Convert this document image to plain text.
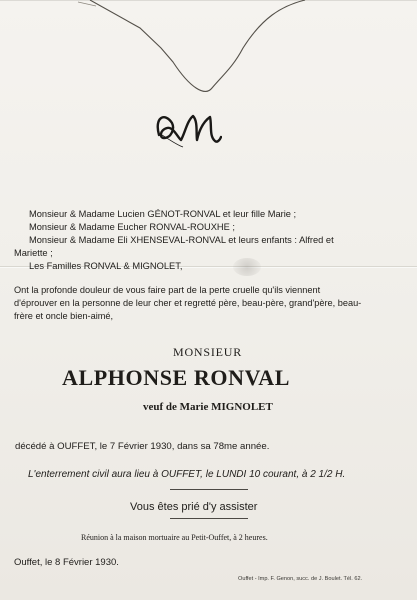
Monsieur & Madame Lucien GÉNOT-RONVAL et leur fille Marie ;
Monsieur & Madame Eucher RONVAL-ROUXHE ;
Monsieur & Madame Eli XHENSEVAL-RONVAL et leurs enfants : Alfred et
Mariette ;
Les Familles RONVAL & MIGNOLET,
Ont la profonde douleur de vous faire part de la perte cruelle qu'ils viennent
d'éprouver en la personne de leur cher et regretté père, beau-père, grand'père, beau-
frère et oncle bien-aimé,
MONSIEUR
ALPHONSE RONVAL
veuf de Marie MIGNOLET
décédé à OUFFET, le 7 Février 1930, dans sa 78me année.
L'enterrement civil aura lieu à OUFFET, le LUNDI 10 courant, à 2 1/2 H.
Vous êtes prié d'y assister
Réunion à la maison mortuaire au Petit-Ouffet, à 2 heures.
Ouffet, le 8 Février 1930.
Ouffet - Imp. F. Genon, succ. de J. Boulet. Tél. 62.
